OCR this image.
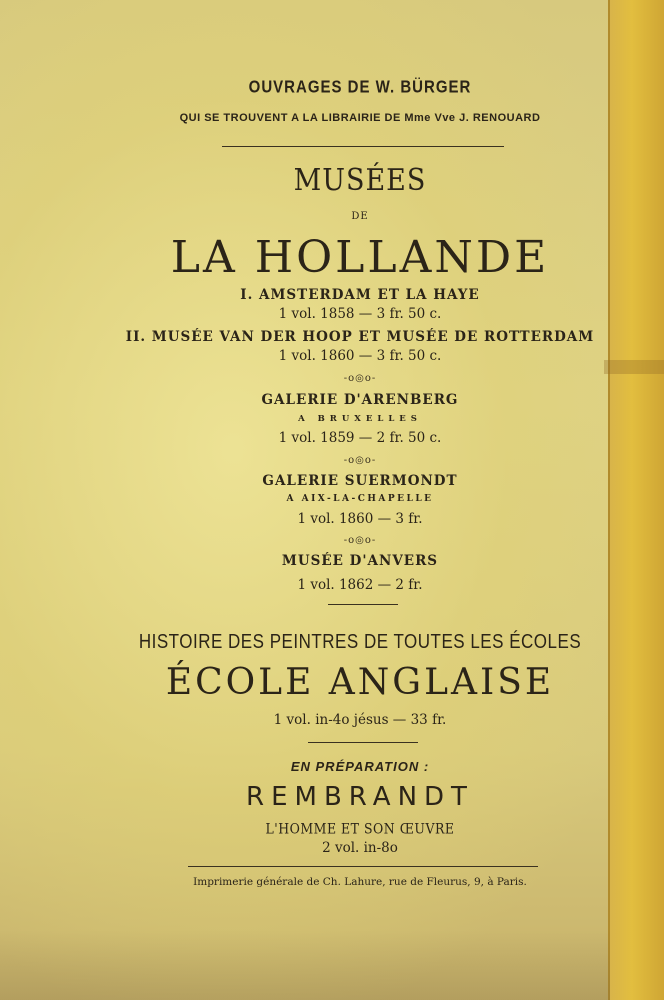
OUVRAGES DE W. BÜRGER
QUI SE TROUVENT A LA LIBRAIRIE DE Mme Vve J. RENOUARD
MUSÉES
DE
LA HOLLANDE
I. AMSTERDAM ET LA HAYE
1 vol. 1858 — 3 fr. 50 c.
II. MUSÉE VAN DER HOOP ET MUSÉE DE ROTTERDAM
1 vol. 1860 — 3 fr. 50 c.
-o◎o-
GALERIE D'ARENBERG
A BRUXELLES
1 vol. 1859 — 2 fr. 50 c.
-o◎o-
GALERIE SUERMONDT
A AIX-LA-CHAPELLE
1 vol. 1860 — 3 fr.
-o◎o-
MUSÉE D'ANVERS
1 vol. 1862 — 2 fr.
HISTOIRE DES PEINTRES DE TOUTES LES ÉCOLES
ÉCOLE ANGLAISE
1 vol. in-4o jésus — 33 fr.
EN PRÉPARATION :
REMBRANDT
L'HOMME ET SON ŒUVRE
2 vol. in-8o
Imprimerie générale de Ch. Lahure, rue de Fleurus, 9, à Paris.
